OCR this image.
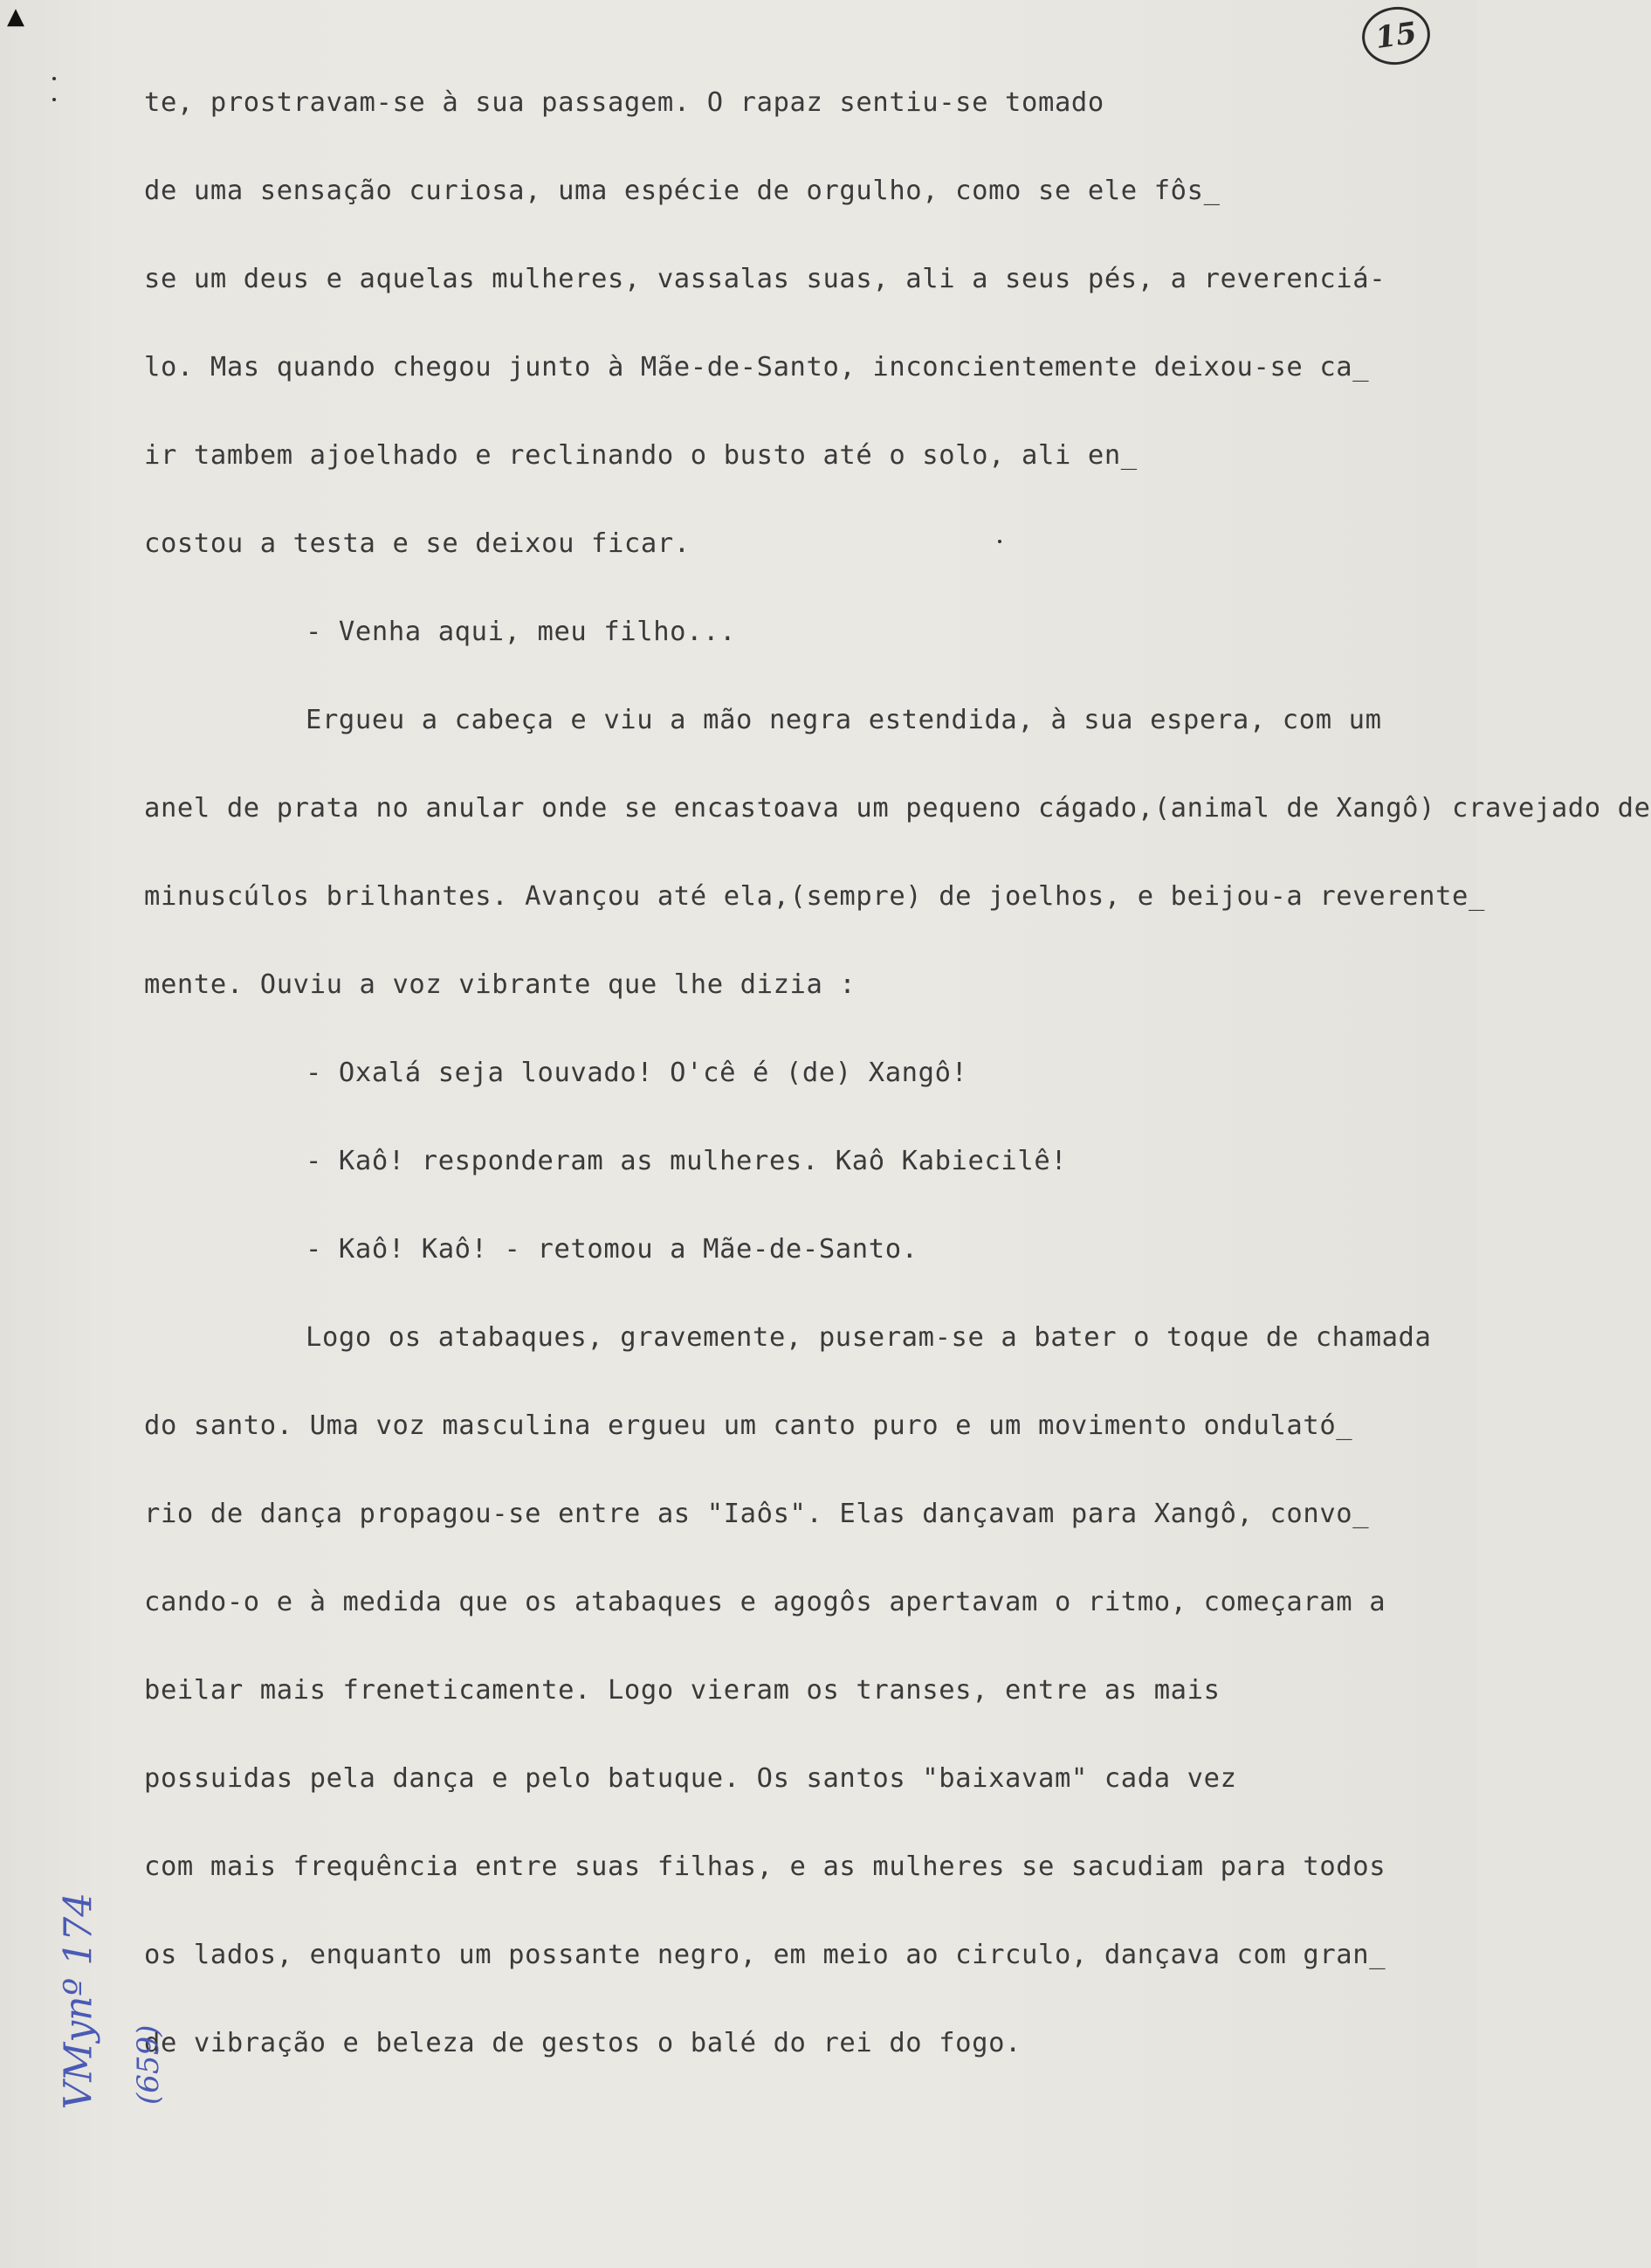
▲	15
te, prostravam-se à sua passagem. O rapaz sentiu-se tomado
de uma sensação curiosa, uma espécie de orgulho, como se ele fôs_
se um deus e aquelas mulheres, vassalas suas, ali a seus pés, a reverenciá-
lo. Mas quando chegou junto à Mãe-de-Santo, inconcientemente deixou-se ca_
ir tambem ajoelhado e reclinando o busto até o solo, ali en_
costou a testa e se deixou ficar.
- Venha aqui, meu filho...
Ergueu a cabeça e viu a mão negra estendida, à sua espera, com um
anel de prata no anular onde se encastoava um pequeno cágado,(animal de Xangô) cravejado de
minuscúlos brilhantes. Avançou até ela,(sempre) de joelhos, e beijou-a reverente_
mente. Ouviu a voz vibrante que lhe dizia :
- Oxalá seja louvado! O'cê é (de) Xangô!
- Kaô! responderam as mulheres. Kaô Kabiecilê!
- Kaô! Kaô! - retomou a Mãe-de-Santo.
Logo os atabaques, gravemente, puseram-se a bater o toque de chamada
do santo. Uma voz masculina ergueu um canto puro e um movimento ondulató_
rio de dança propagou-se entre as "Iaôs". Elas dançavam para Xangô, convo_
cando-o e à medida que os atabaques e agogôs apertavam o ritmo, começaram a
beilar mais freneticamente. Logo vieram os transes, entre as mais
possuidas pela dança e pelo batuque. Os santos "baixavam" cada vez
com mais frequência entre suas filhas, e as mulheres se sacudiam para todos
os lados, enquanto um possante negro, em meio ao circulo, dançava com gran_
de vibração e beleza de gestos o balé do rei do fogo.
VMynº 174 (659)
